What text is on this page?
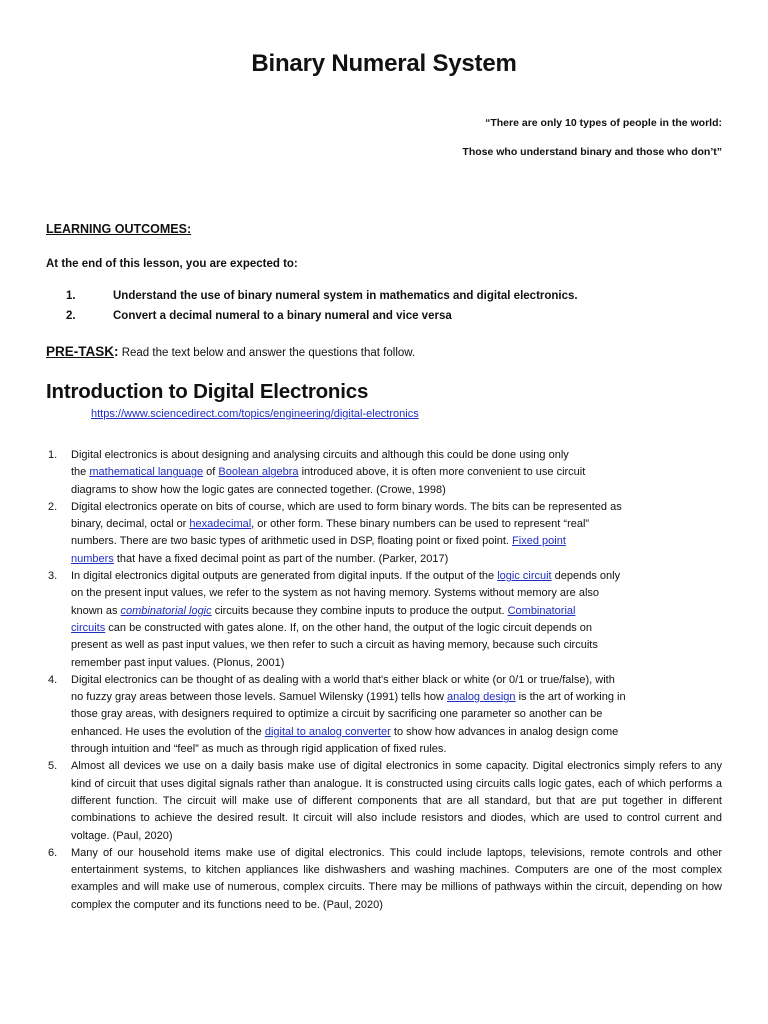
Binary Numeral System

“There are only 10 types of people in the world:

Those who understand binary and those who don’t”

LEARNING OUTCOMES:

At the end of this lesson, you are expected to:

1.	Understand the use of binary numeral system in mathematics and digital electronics.
2.	Convert a decimal numeral to a binary numeral and vice versa

PRE-TASK: Read the text below and answer the questions that follow.

Introduction to Digital Electronics
https://www.sciencedirect.com/topics/engineering/digital-electronics
1. Digital electronics is about designing and analysing circuits and although this could be done using only
the mathematical language of Boolean algebra introduced above, it is often more convenient to use circuit
diagrams to show how the logic gates are connected together. (Crowe, 1998)
2. Digital electronics operate on bits of course, which are used to form binary words. The bits can be represented as
binary, decimal, octal or hexadecimal, or other form. These binary numbers can be used to represent “real”
numbers. There are two basic types of arithmetic used in DSP, floating point or fixed point. Fixed point
numbers that have a fixed decimal point as part of the number. (Parker, 2017)
3. In digital electronics digital outputs are generated from digital inputs. If the output of the logic circuit depends only
on the present input values, we refer to the system as not having memory. Systems without memory are also
known as combinatorial logic circuits because they combine inputs to produce the output. Combinatorial
circuits can be constructed with gates alone. If, on the other hand, the output of the logic circuit depends on
present as well as past input values, we then refer to such a circuit as having memory, because such circuits
remember past input values. (Plonus, 2001)
4. Digital electronics can be thought of as dealing with a world that's either black or white (or 0/1 or true/false), with
no fuzzy gray areas between those levels. Samuel Wilensky (1991) tells how analog design is the art of working in
those gray areas, with designers required to optimize a circuit by sacrificing one parameter so another can be
enhanced. He uses the evolution of the digital to analog converter to show how advances in analog design come
through intuition and “feel” as much as through rigid application of fixed rules.
5. Almost all devices we use on a daily basis make use of digital electronics in some capacity. Digital electronics simply refers to any kind of circuit that uses digital signals rather than analogue. It is constructed using circuits calls logic gates, each of which performs a different function. The circuit will make use of different components that are all standard, but that are put together in different combinations to achieve the desired result. It circuit will also include resistors and diodes, which are used to control current and voltage. (Paul, 2020)
6. Many of our household items make use of digital electronics. This could include laptops, televisions, remote controls and other entertainment systems, to kitchen appliances like dishwashers and washing machines. Computers are one of the most complex examples and will make use of numerous, complex circuits. There may be millions of pathways within the circuit, depending on how complex the computer and its functions need to be. (Paul, 2020)
